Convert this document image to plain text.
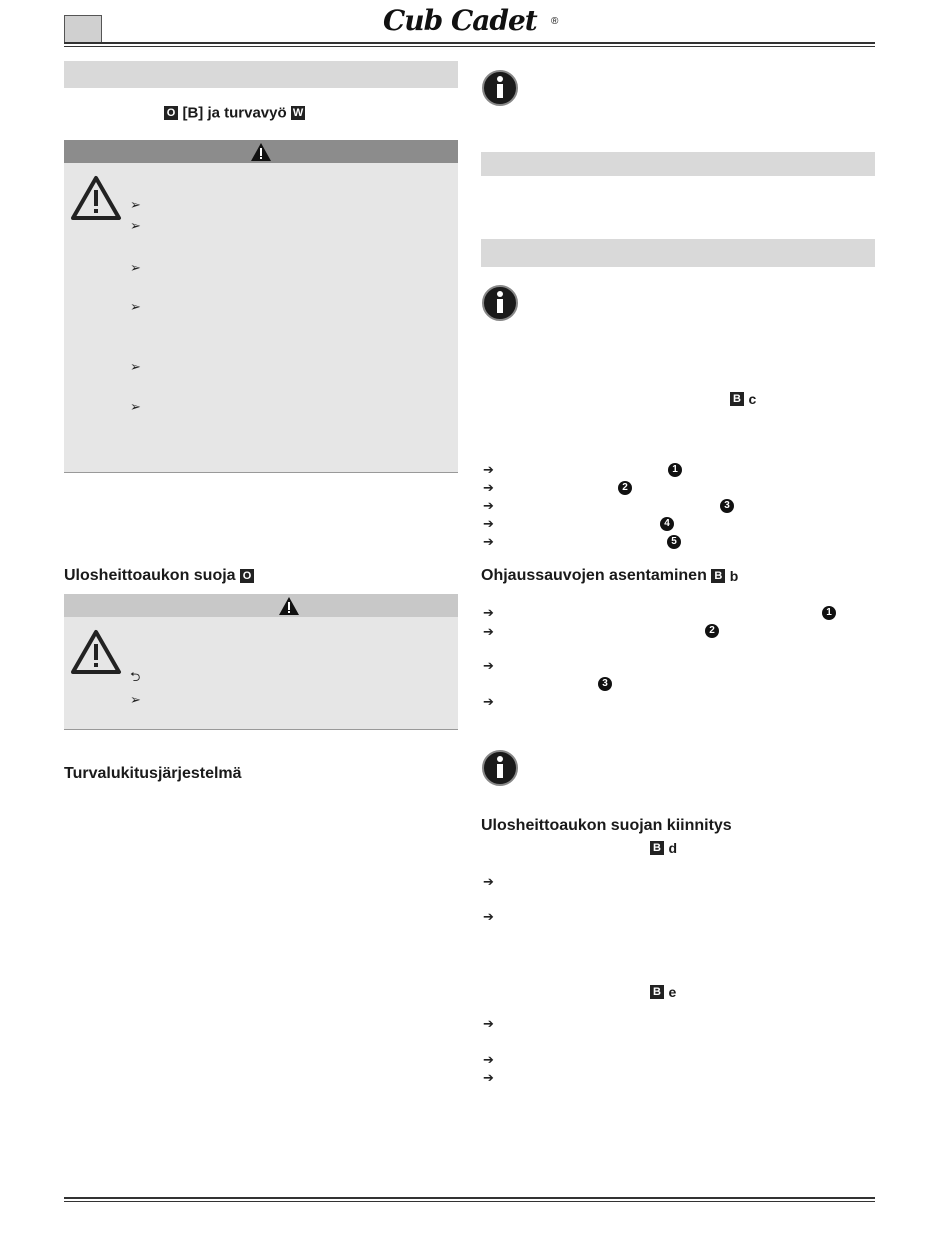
Cub Cadet ®
O [B] ja turvavyö W
➢
➢
➢
➢
➢
➢
Ulosheittoaukon suoja O
⮌
➢
Turvalukitusjärjestelmä
B c
➔	1
➔	2
➔	3
➔	4
➔	5
Ohjaussauvojen asentaminen B b
➔	1
➔	2
➔
3
➔
Ulosheittoaukon suojan kiinnitys
B d
➔
➔
B e
➔
➔
➔
